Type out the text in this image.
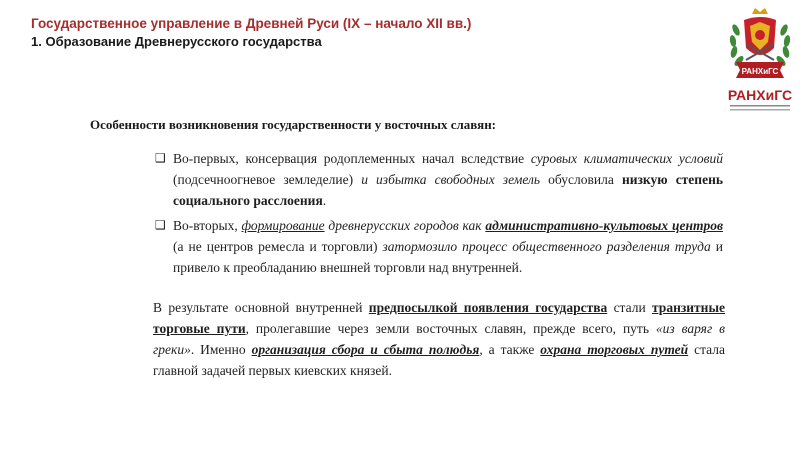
Государственное управление в Древней Руси (IX – начало XII вв.)
1. Образование Древнерусского государства
РАНХиГС
РАНХиГС
Особенности возникновения государственности у восточных славян:
❑ Во-первых, консервация родоплеменных начал вследствие суровых климатических условий (подсечноогневое земледелие) и избытка свободных земель обусловила низкую степень социального расслоения.
❑ Во-вторых, формирование древнерусских городов как административно-культовых центров (а не центров ремесла и торговли) затормозило процесс общественного разделения труда и привело к преобладанию внешней торговли над внутренней.
В результате основной внутренней предпосылкой появления государства стали транзитные торговые пути, пролегавшие через земли восточных славян, прежде всего, путь «из варяг в греки». Именно организация сбора и сбыта полюдья, а также охрана торговых путей стала главной задачей первых киевских князей.
